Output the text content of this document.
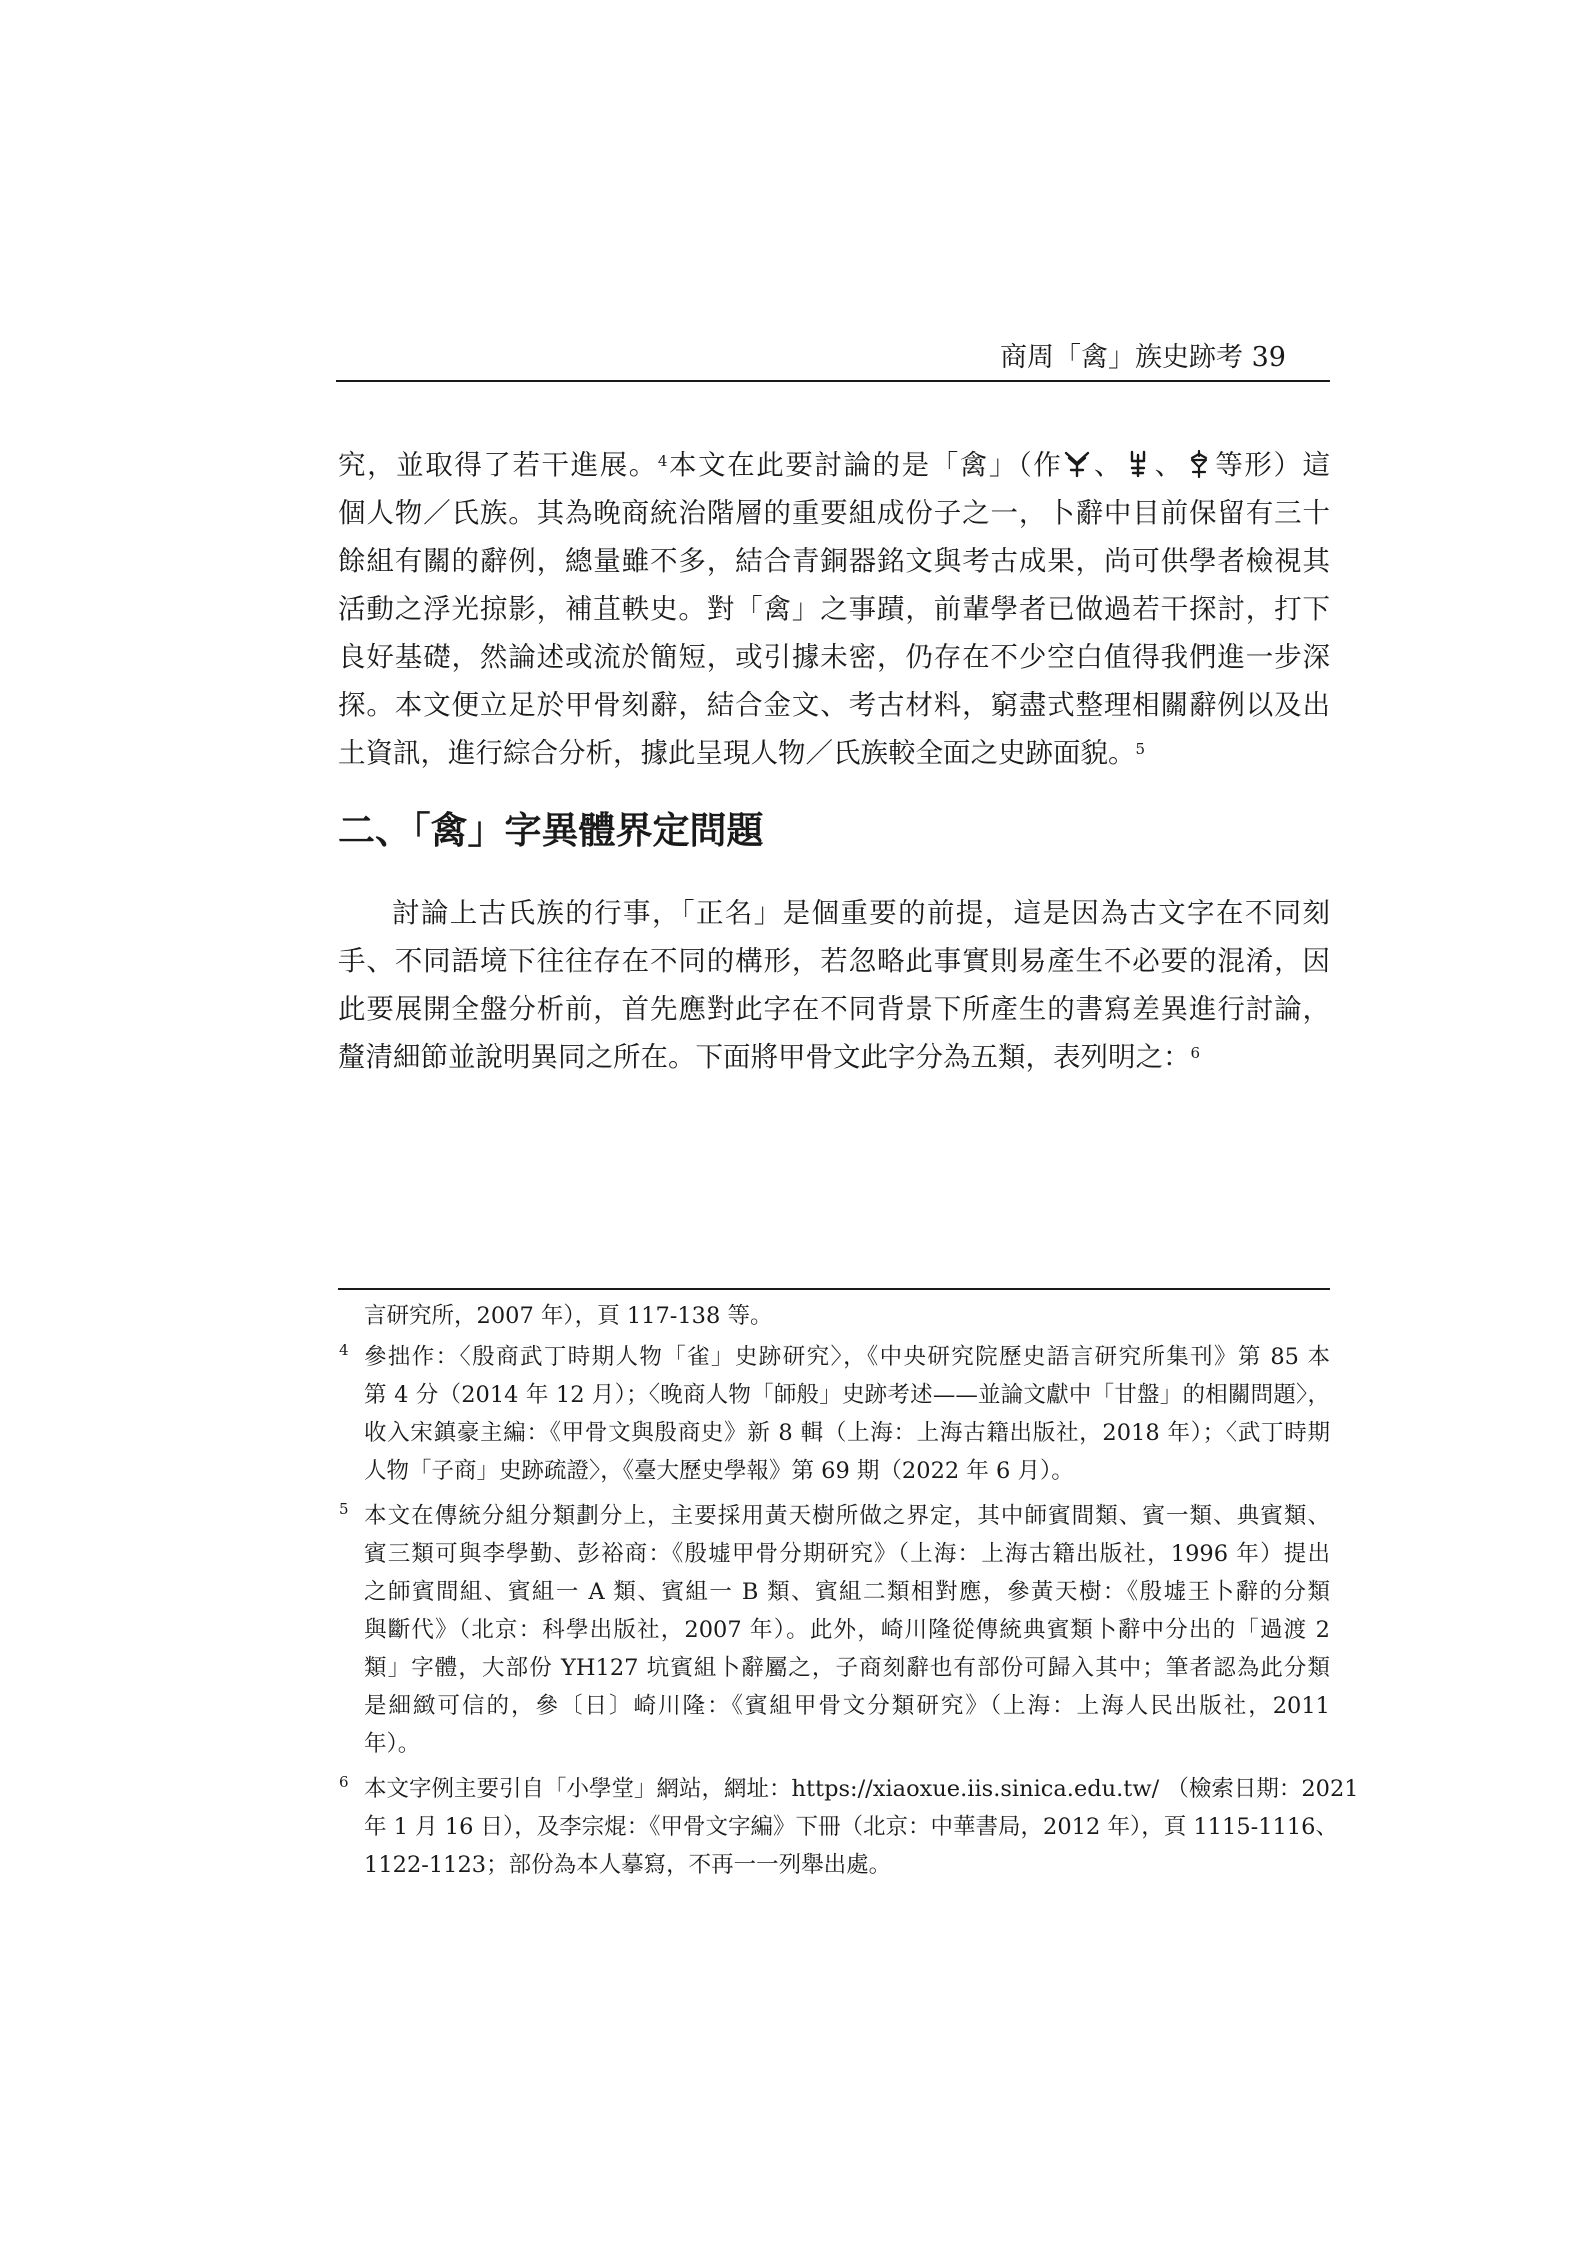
商周「禽」族史跡考 39
究，並取得了若干進展。$^4$本文在此要討論的是「禽」（作 、 、 等形）這
個人物／氏族。其為晚商統治階層的重要組成份子之一，卜辭中目前保留有三十
餘組有關的辭例，總量雖不多，結合青銅器銘文與考古成果，尚可供學者檢視其
活動之浮光掠影，補苴軼史。對「禽」之事蹟，前輩學者已做過若干探討，打下
良好基礎，然論述或流於簡短，或引據未密，仍存在不少空白值得我們進一步深
探。本文便立足於甲骨刻辭，結合金文、考古材料，窮盡式整理相關辭例以及出
土資訊，進行綜合分析，據此呈現人物／氏族較全面之史跡面貌。$^5$
二、「禽」字異體界定問題
討論上古氏族的行事，「正名」是個重要的前提，這是因為古文字在不同刻
手、不同語境下往往存在不同的構形，若忽略此事實則易產生不必要的混淆，因
此要展開全盤分析前，首先應對此字在不同背景下所產生的書寫差異進行討論，
釐清細節並說明異同之所在。下面將甲骨文此字分為五類，表列明之：$^6$
言研究所，2007 年），頁 117-138 等。
4 參拙作：〈殷商武丁時期人物「雀」史跡研究〉，《中央研究院歷史語言研究所集刊》第 85 本
第 4 分（2014 年 12 月）；〈晚商人物「師般」史跡考述——並論文獻中「甘盤」的相關問題〉，
收入宋鎮豪主編：《甲骨文與殷商史》新 8 輯（上海：上海古籍出版社，2018 年）；〈武丁時期
人物「子商」史跡疏證〉，《臺大歷史學報》第 69 期（2022 年 6 月）。
5 本文在傳統分組分類劃分上，主要採用黃天樹所做之界定，其中師賓間類、賓一類、典賓類、
賓三類可與李學勤、彭裕商：《殷墟甲骨分期研究》（上海：上海古籍出版社，1996 年）提出
之師賓間組、賓組一 A 類、賓組一 B 類、賓組二類相對應，參黃天樹：《殷墟王卜辭的分類
與斷代》（北京：科學出版社，2007 年）。此外，崎川隆從傳統典賓類卜辭中分出的「過渡 2
類」字體，大部份 YH127 坑賓組卜辭屬之，子商刻辭也有部份可歸入其中；筆者認為此分類
是細緻可信的，參〔日〕崎川隆：《賓組甲骨文分類研究》（上海：上海人民出版社，2011
年）。
6 本文字例主要引自「小學堂」網站，網址：https://xiaoxue.iis.sinica.edu.tw/ （檢索日期：2021
年 1 月 16 日），及李宗焜：《甲骨文字編》下冊（北京：中華書局，2012 年），頁 1115-1116、
1122-1123；部份為本人摹寫，不再一一列舉出處。
